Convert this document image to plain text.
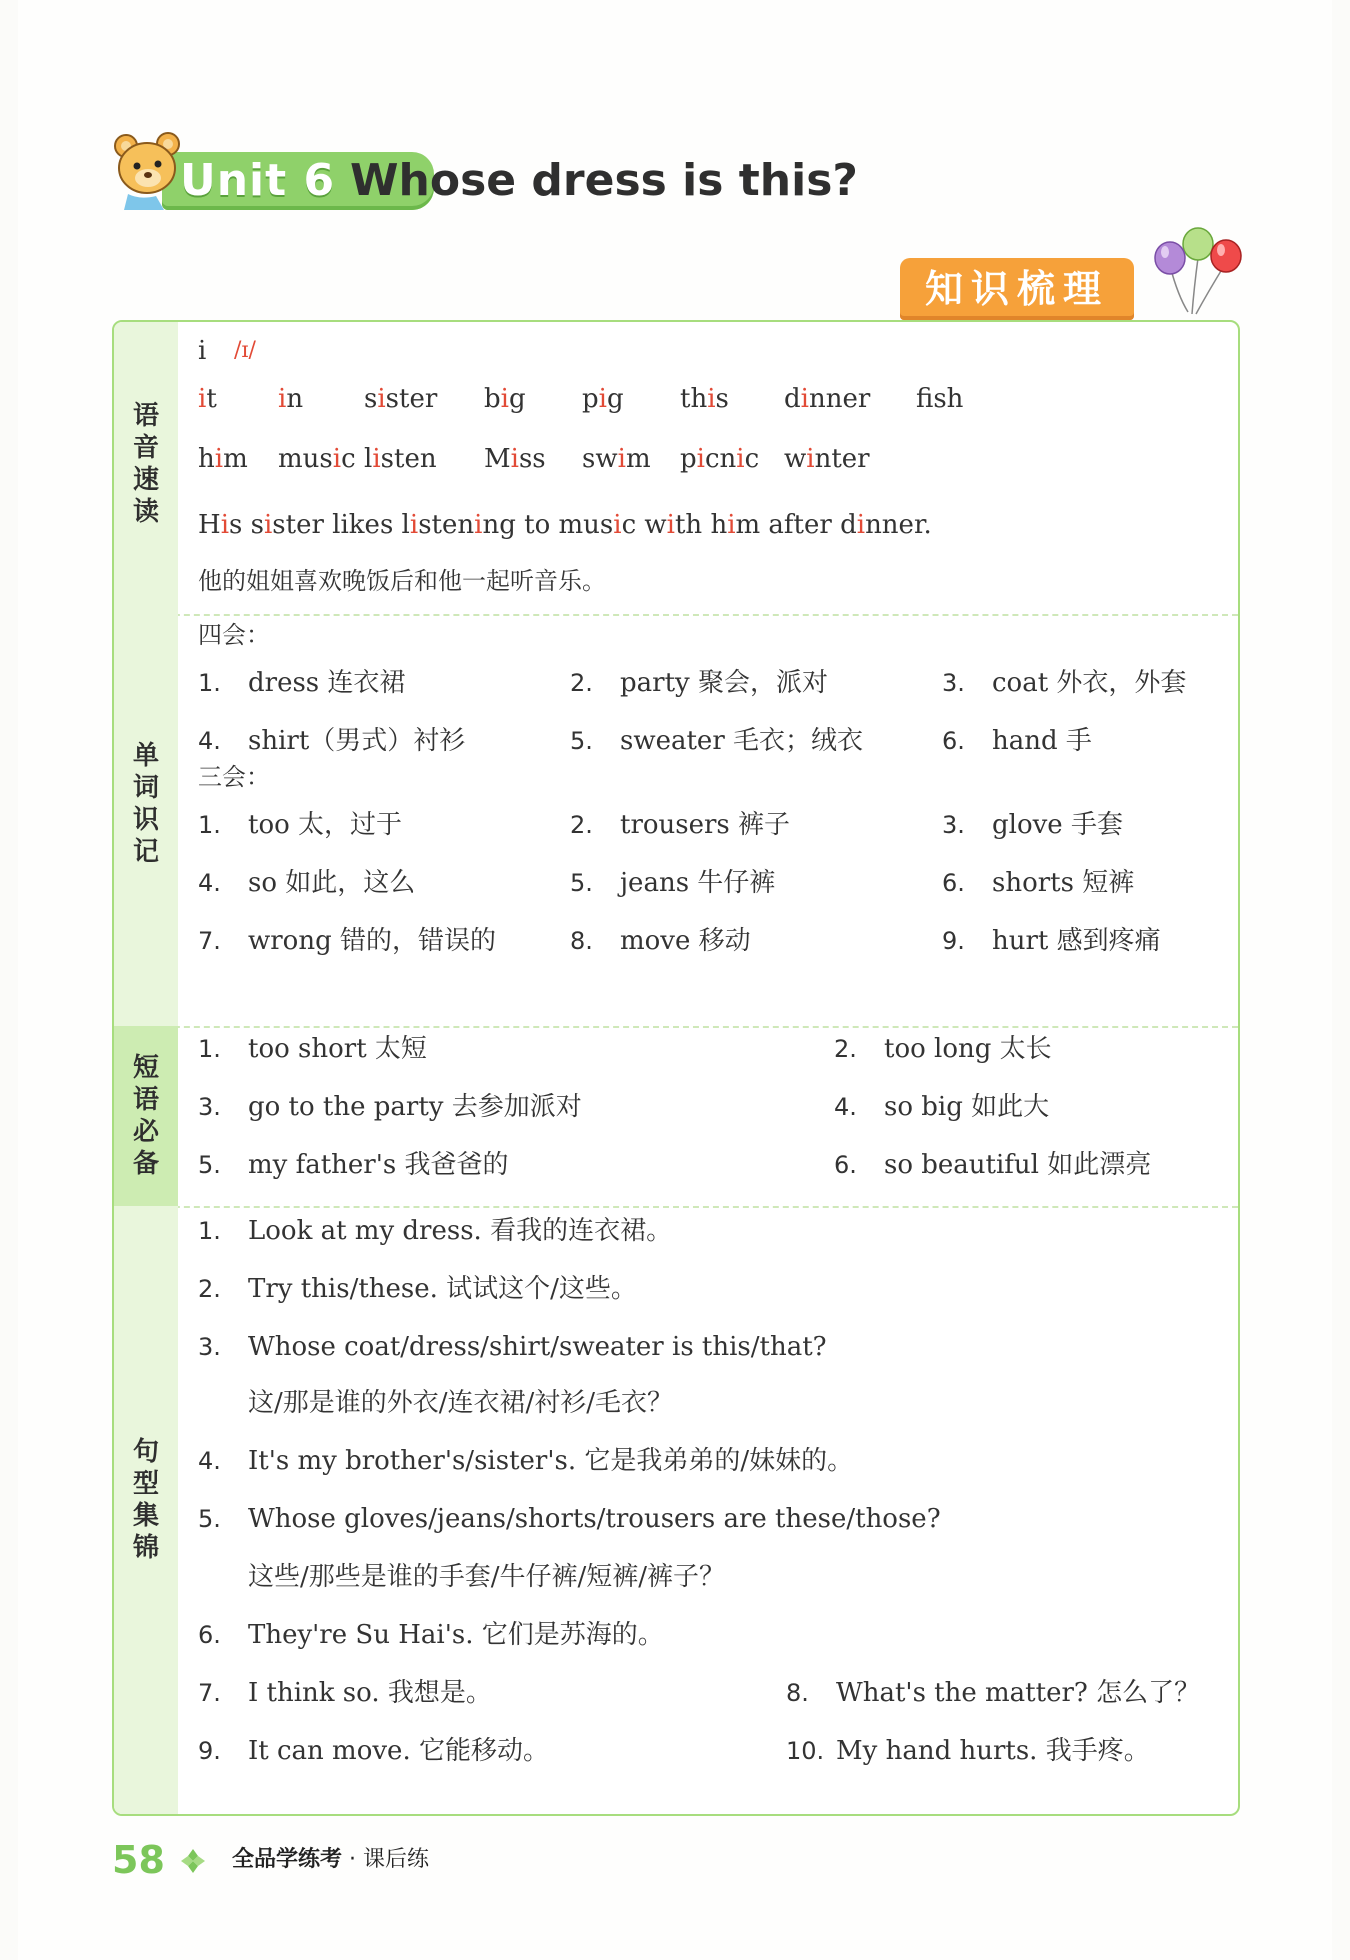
Unit 6 Whose dress is this?
知识梳理
语音速读
i /ɪ/
it in sister big pig this dinner fsh
him music listen Miss swim picnic winter
His sister likes listening to music with him after dinner.
他的姐姐喜欢晚饭后和他一起听音乐。
单词识记
四会：
1. dress 连衣裙	2. party 聚会，派对	3. coat 外衣，外套
4. shirt（男式）衬衫	5. sweater 毛衣；绒衣	6. hand 手
三会：
1. too 太，过于	2. trousers 裤子	3. glove 手套
4. so 如此，这么	5. jeans 牛仔裤	6. shorts 短裤
7. wrong 错的，错误的	8. move 移动	9. hurt 感到疼痛
短语必备
1. too short 太短	2. too long 太长
3. go to the party 去参加派对	4. so big 如此大
5. my father's 我爸爸的	6. so beautiful 如此漂亮
句型集锦
1. Look at my dress. 看我的连衣裙。
2. Try this/these. 试试这个/这些。
3. Whose coat/dress/shirt/sweater is this/that?
这/那是谁的外衣/连衣裙/衬衫/毛衣？
4. It's my brother's/sister's. 它是我弟弟的/妹妹的。
5. Whose gloves/jeans/shorts/trousers are these/those?
这些/那些是谁的手套/牛仔裤/短裤/裤子？
6. They're Su Hai's. 它们是苏海的。
7. I think so. 我想是。	8. What's the matter? 怎么了？
9. It can move. 它能移动。	10. My hand hurts. 我手疼。
58	全品学练考 · 课后练
